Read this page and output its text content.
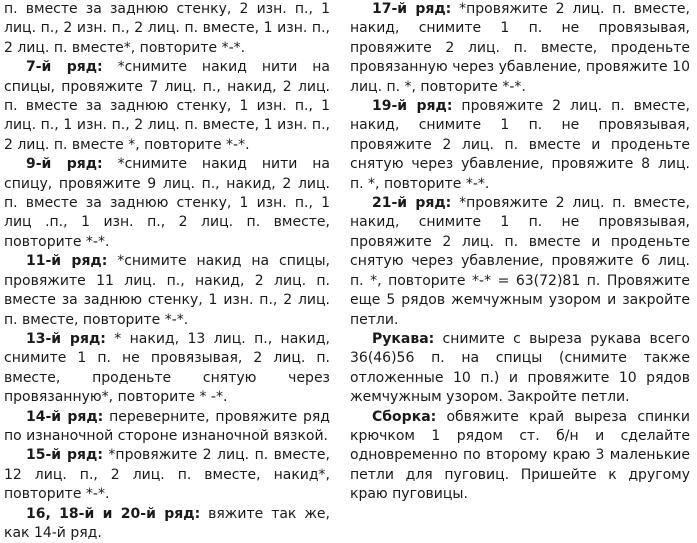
п. вместе за заднюю стенку, 2 изн. п., 1 лиц. п., 2 изн. п., 2 лиц. п. вместе, 1 изн. п., 2 лиц. п. вместе*, повторите *-*.

7-й ряд: *снимите накид нити на спицы, провяжите 7 лиц. п., накид, 2 лиц. п. вместе за заднюю стенку, 1 изн. п., 1 лиц. п., 1 изн. п., 2 лиц. п. вместе, 1 изн. п., 2 лиц. п. вместе *, повторите *-*.

9-й ряд: *снимите накид нити на спицу, провяжите 9 лиц. п., накид, 2 лиц. п. вместе за заднюю стенку, 1 изн. п., 1 лиц .п., 1 изн. п., 2 лиц. п. вместе, повторите *-*.

11-й ряд: *снимите накид на спицы, провяжите 11 лиц. п., накид, 2 лиц. п. вместе за заднюю стенку, 1 изн. п., 2 лиц. п. вместе, повторите *-*.

13-й ряд: * накид, 13 лиц. п., накид, снимите 1 п. не провязывая, 2 лиц. п. вместе, проденьте снятую через провязанную*, повторите * -*.

14-й ряд: переверните, провяжите ряд по изнаночной стороне изнаночной вязкой.

15-й ряд: *провяжите 2 лиц. п. вместе, 12 лиц. п., 2 лиц. п. вместе, накид*, повторите *-*.

16, 18-й и 20-й ряд: вяжите так же, как 14-й ряд.

17-й ряд: *провяжите 2 лиц. п. вместе, накид, снимите 1 п. не провязывая, провяжите 2 лиц. п. вместе, проденьте провязанную через убавление, провяжите 10 лиц. п. *, повторите *-*.

19-й ряд: провяжите 2 лиц. п. вместе, накид, снимите 1 п. не провязывая, провяжите 2 лиц. п. вместе и проденьте снятую через убавление, провяжите 8 лиц. п. *, повторите *-*.

21-й ряд: *провяжите 2 лиц. п. вместе, накид, снимите 1 п. не провязывая, провяжите 2 лиц. п. вместе и проденьте снятую через убавление, провяжите 6 лиц. п. *, повторите *-* = 63(72)81 п. Провяжите еще 5 рядов жемчужным узором и закройте петли.

Рукава: снимите с выреза рукава всего 36(46)56 п. на спицы (снимите также отложенные 10 п.) и провяжите 10 рядов жемчужным узором. Закройте петли.

Сборка: обвяжите край выреза спинки крючком 1 рядом ст. б/н и сделайте одновременно по второму краю 3 маленькие петли для пуговиц. Пришейте к другому краю пуговицы.
